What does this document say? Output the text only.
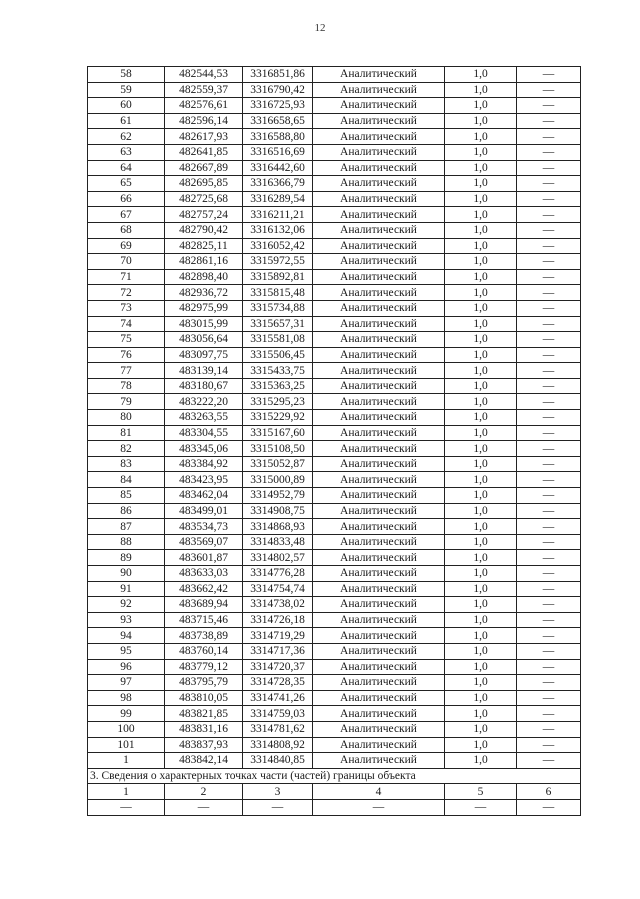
12
58	482544,53	3316851,86	Аналитический	1,0	—
59	482559,37	3316790,42	Аналитический	1,0	—
60	482576,61	3316725,93	Аналитический	1,0	—
61	482596,14	3316658,65	Аналитический	1,0	—
62	482617,93	3316588,80	Аналитический	1,0	—
63	482641,85	3316516,69	Аналитический	1,0	—
64	482667,89	3316442,60	Аналитический	1,0	—
65	482695,85	3316366,79	Аналитический	1,0	—
66	482725,68	3316289,54	Аналитический	1,0	—
67	482757,24	3316211,21	Аналитический	1,0	—
68	482790,42	3316132,06	Аналитический	1,0	—
69	482825,11	3316052,42	Аналитический	1,0	—
70	482861,16	3315972,55	Аналитический	1,0	—
71	482898,40	3315892,81	Аналитический	1,0	—
72	482936,72	3315815,48	Аналитический	1,0	—
73	482975,99	3315734,88	Аналитический	1,0	—
74	483015,99	3315657,31	Аналитический	1,0	—
75	483056,64	3315581,08	Аналитический	1,0	—
76	483097,75	3315506,45	Аналитический	1,0	—
77	483139,14	3315433,75	Аналитический	1,0	—
78	483180,67	3315363,25	Аналитический	1,0	—
79	483222,20	3315295,23	Аналитический	1,0	—
80	483263,55	3315229,92	Аналитический	1,0	—
81	483304,55	3315167,60	Аналитический	1,0	—
82	483345,06	3315108,50	Аналитический	1,0	—
83	483384,92	3315052,87	Аналитический	1,0	—
84	483423,95	3315000,89	Аналитический	1,0	—
85	483462,04	3314952,79	Аналитический	1,0	—
86	483499,01	3314908,75	Аналитический	1,0	—
87	483534,73	3314868,93	Аналитический	1,0	—
88	483569,07	3314833,48	Аналитический	1,0	—
89	483601,87	3314802,57	Аналитический	1,0	—
90	483633,03	3314776,28	Аналитический	1,0	—
91	483662,42	3314754,74	Аналитический	1,0	—
92	483689,94	3314738,02	Аналитический	1,0	—
93	483715,46	3314726,18	Аналитический	1,0	—
94	483738,89	3314719,29	Аналитический	1,0	—
95	483760,14	3314717,36	Аналитический	1,0	—
96	483779,12	3314720,37	Аналитический	1,0	—
97	483795,79	3314728,35	Аналитический	1,0	—
98	483810,05	3314741,26	Аналитический	1,0	—
99	483821,85	3314759,03	Аналитический	1,0	—
100	483831,16	3314781,62	Аналитический	1,0	—
101	483837,93	3314808,92	Аналитический	1,0	—
1	483842,14	3314840,85	Аналитический	1,0	—
3. Сведения о характерных точках части (частей) границы объекта					
1	2	3	4	5	6
—	—	—	—	—	—
